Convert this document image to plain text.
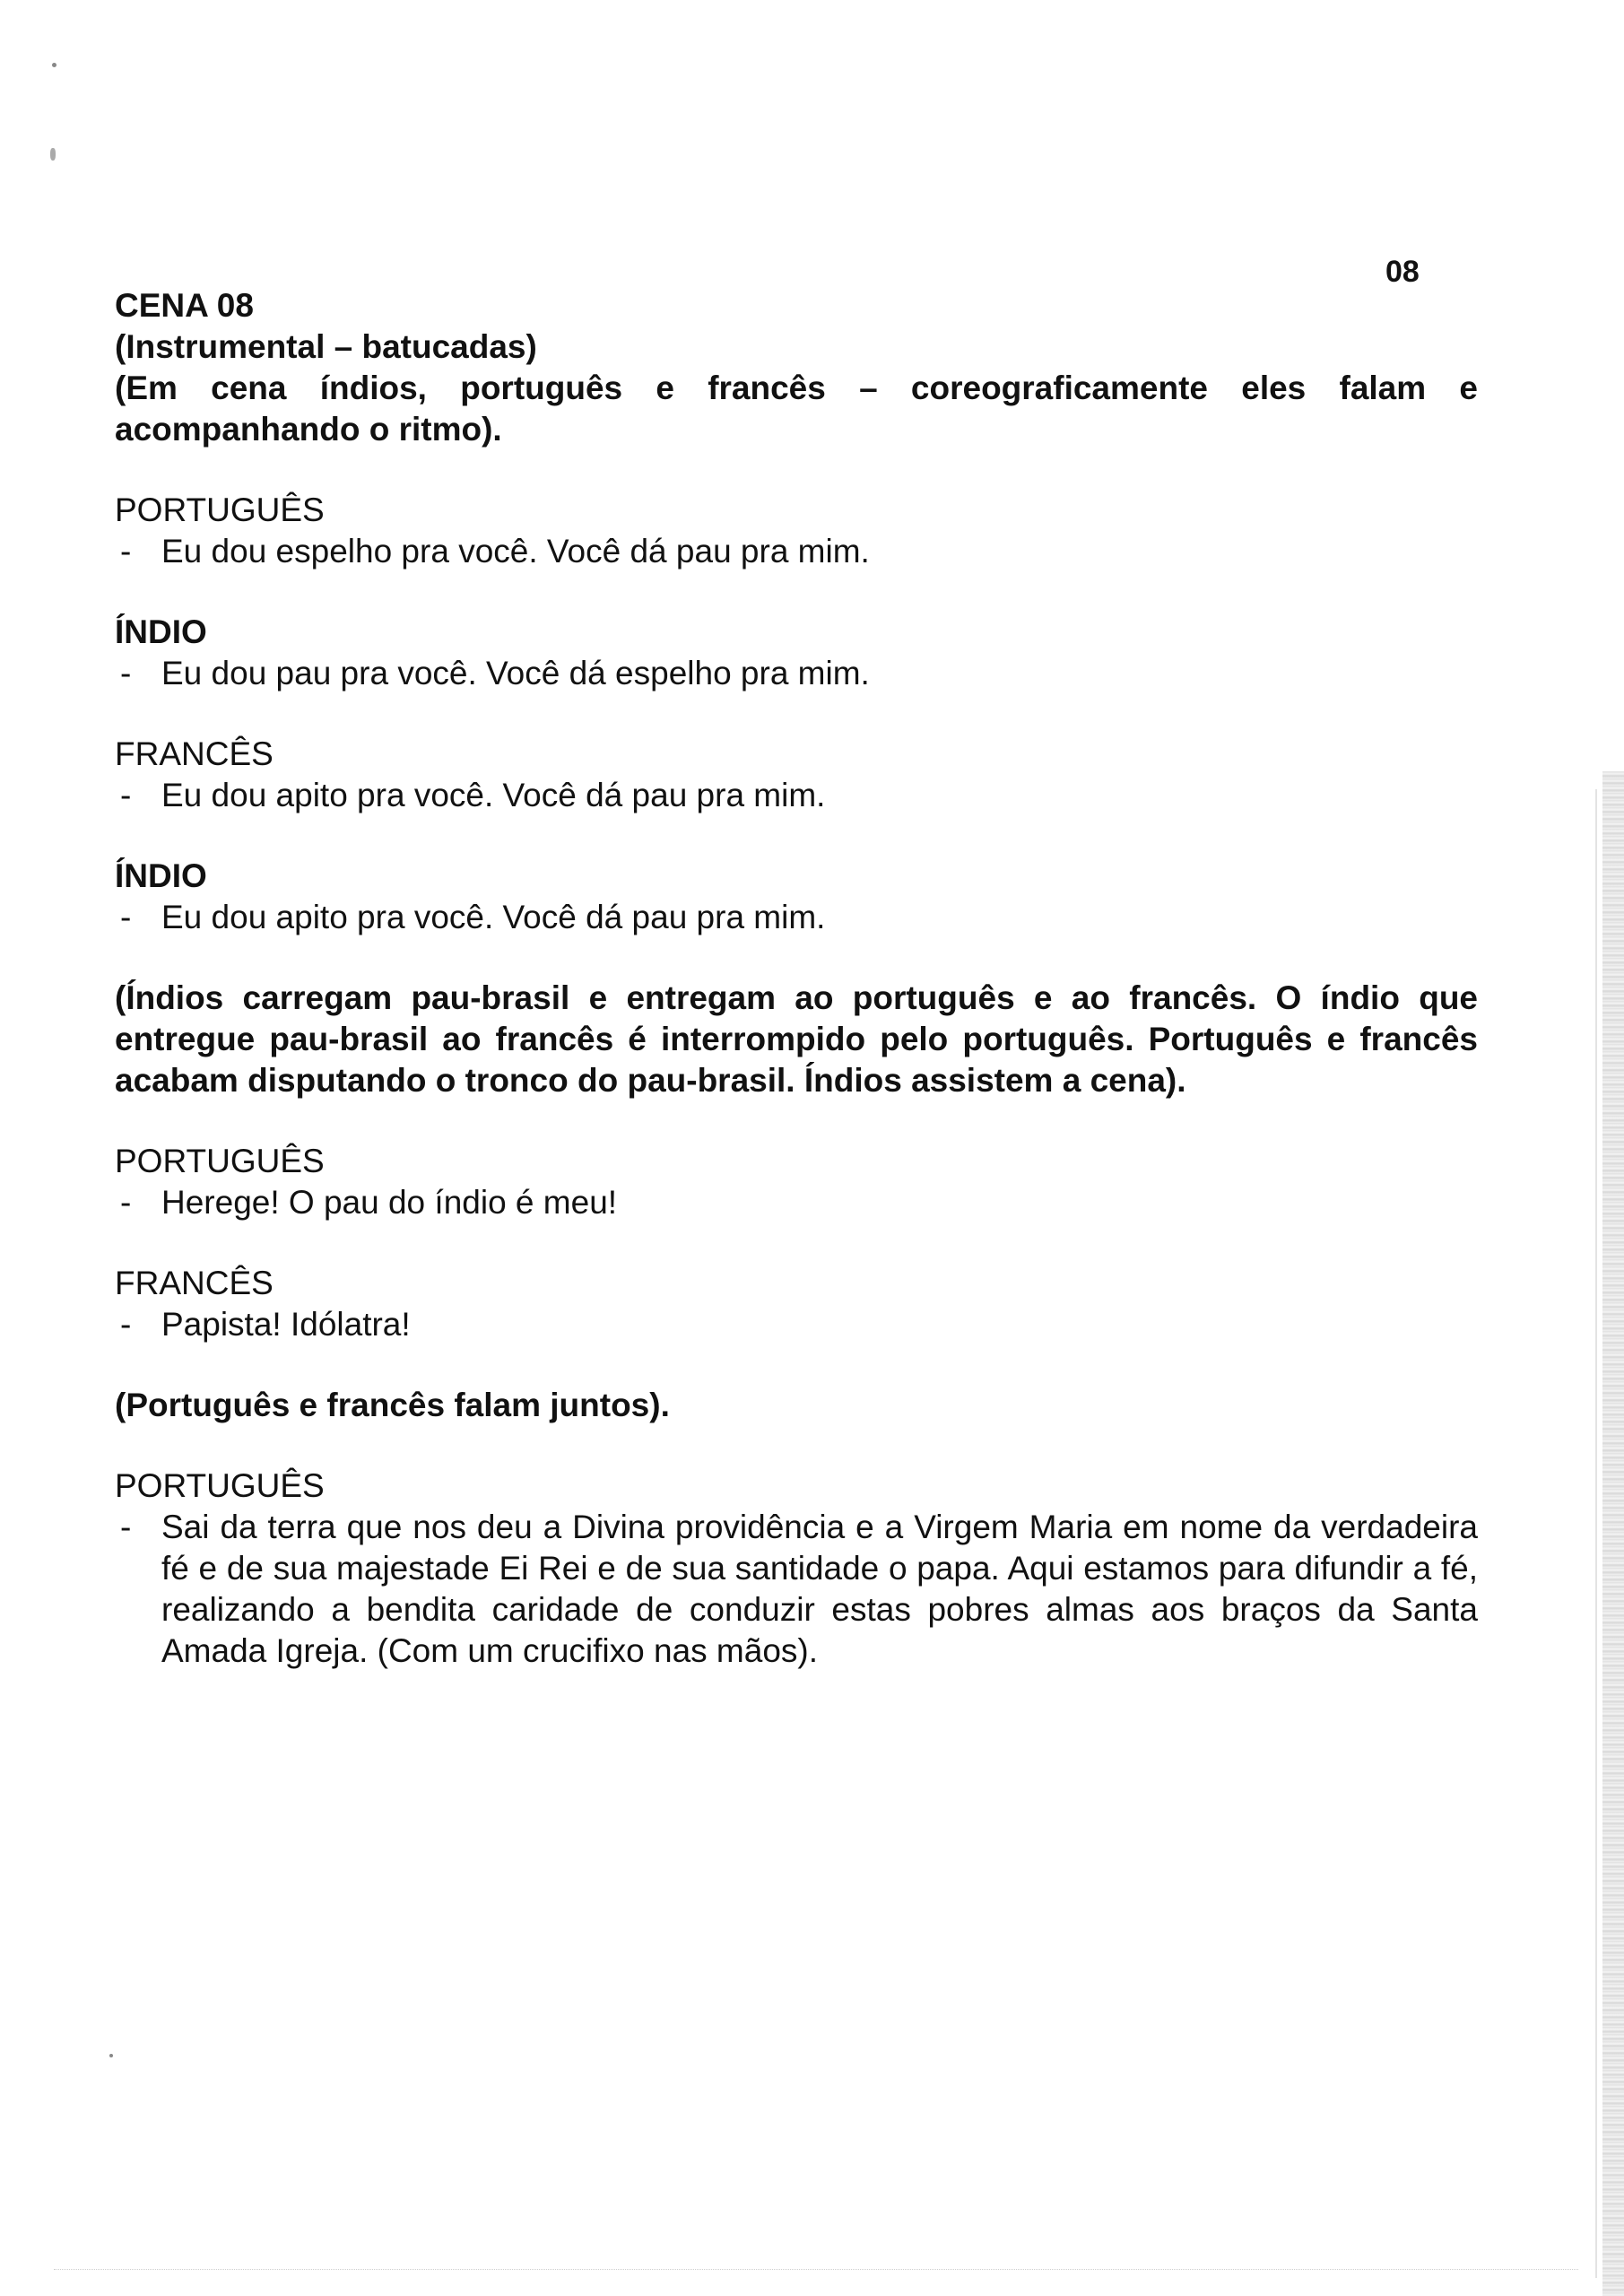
08

CENA 08

(Instrumental – batucadas)

(Em cena índios, português e francês – coreograficamente eles falam e acompanhando o ritmo).

PORTUGUÊS

- Eu dou espelho pra você. Você dá pau pra mim.

ÍNDIO

- Eu dou pau pra você. Você dá espelho pra mim.

FRANCÊS

- Eu dou apito pra você. Você dá pau pra mim.

ÍNDIO

- Eu dou apito pra você. Você dá pau pra mim.

(Índios carregam pau-brasil e entregam ao português e ao francês. O índio que entregue pau-brasil ao francês é interrompido pelo português. Português e francês acabam disputando o tronco do pau-brasil. Índios assistem a cena).

PORTUGUÊS

- Herege! O pau do índio é meu!

FRANCÊS

- Papista! Idólatra!

(Português e francês falam juntos).

PORTUGUÊS

- Sai da terra que nos deu a Divina providência e a Virgem Maria em nome da verdadeira fé e de sua majestade Ei Rei e de sua santidade o papa. Aqui estamos para difundir a fé, realizando a bendita caridade de conduzir estas pobres almas aos braços da Santa Amada Igreja. (Com um crucifixo nas mãos).
